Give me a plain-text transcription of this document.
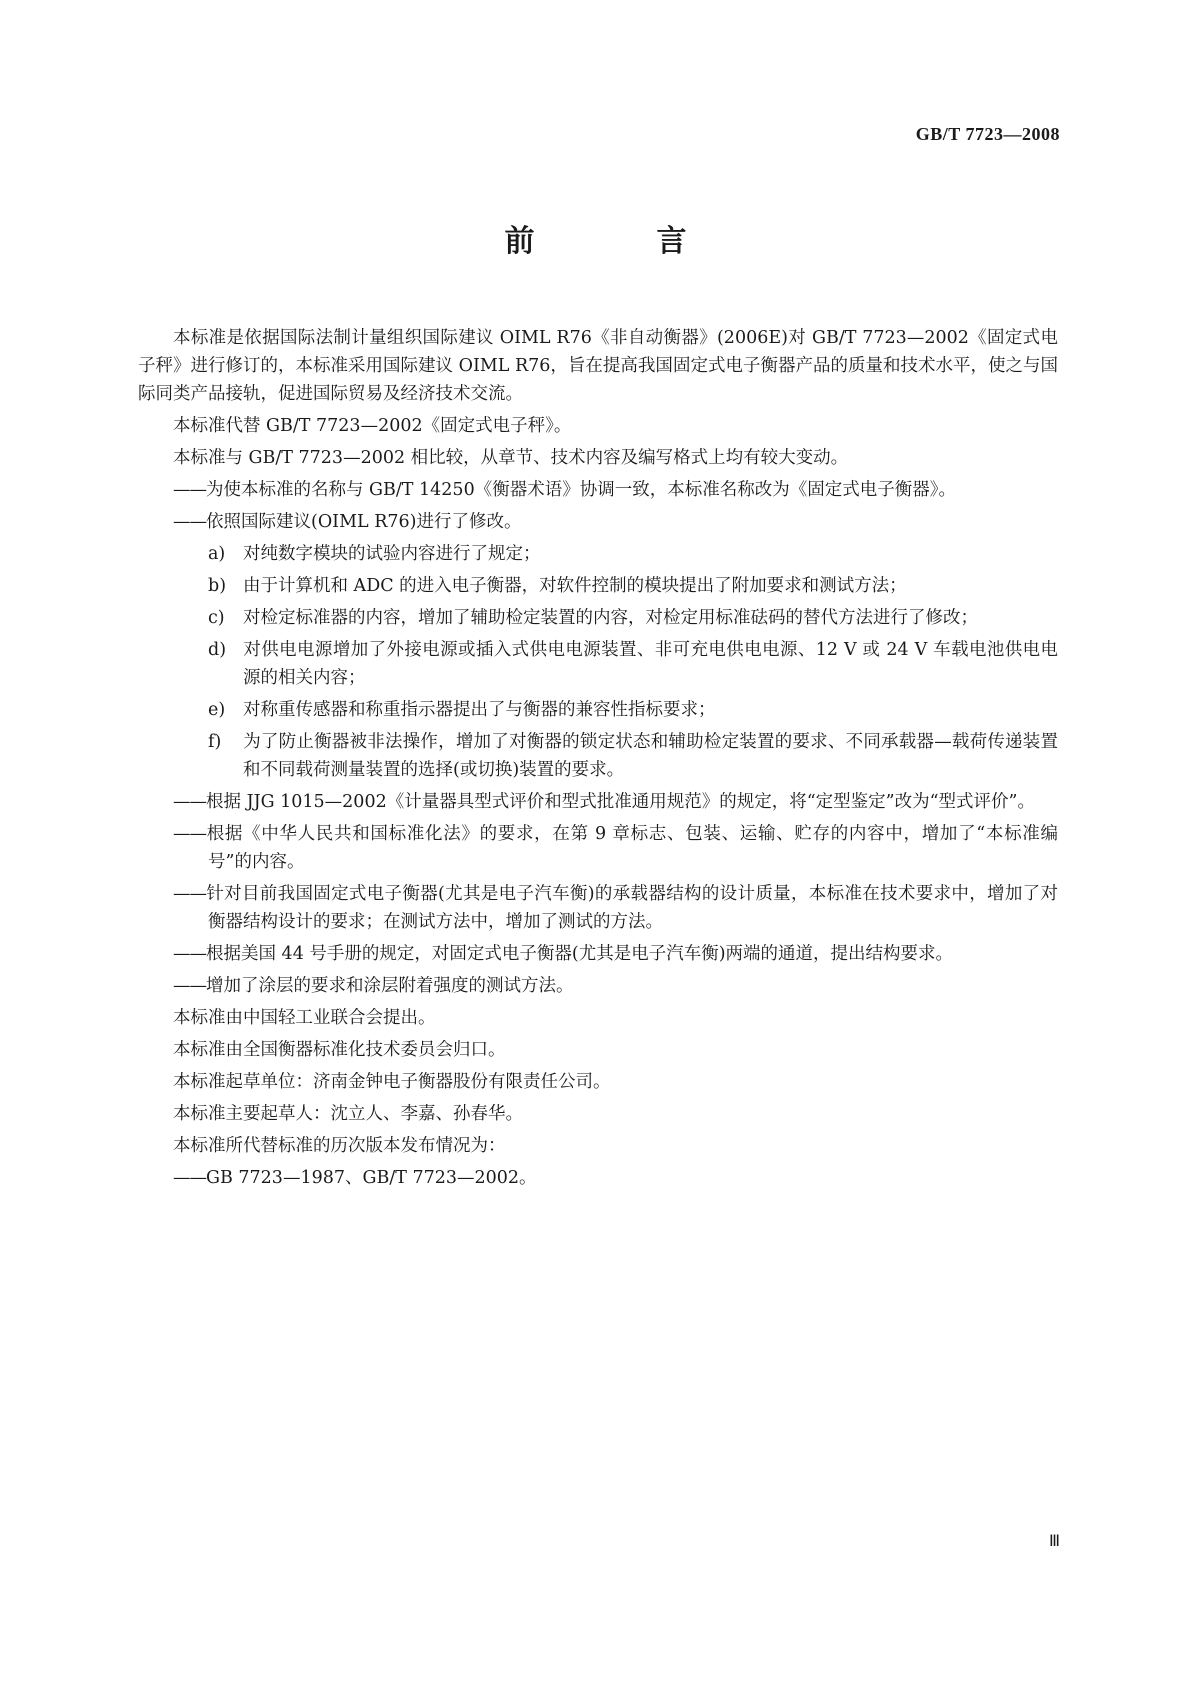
GB/T 7723—2008
前　言

本标准是依据国际法制计量组织国际建议 OIML R76《非自动衡器》(2006E)对 GB/T 7723—2002《固定式电子秤》进行修订的，本标准采用国际建议 OIML R76，旨在提高我国固定式电子衡器产品的质量和技术水平，使之与国际同类产品接轨，促进国际贸易及经济技术交流。

本标准代替 GB/T 7723—2002《固定式电子秤》。

本标准与 GB/T 7723—2002 相比较，从章节、技术内容及编写格式上均有较大变动。

——为使本标准的名称与 GB/T 14250《衡器术语》协调一致，本标准名称改为《固定式电子衡器》。

——依照国际建议(OIML R76)进行了修改。

a) 对纯数字模块的试验内容进行了规定；

b) 由于计算机和 ADC 的进入电子衡器，对软件控制的模块提出了附加要求和测试方法；

c) 对检定标准器的内容，增加了辅助检定装置的内容，对检定用标准砝码的替代方法进行了修改；

d) 对供电电源增加了外接电源或插入式供电电源装置、非可充电供电电源、12 V 或 24 V 车载电池供电电源的相关内容；

e) 对称重传感器和称重指示器提出了与衡器的兼容性指标要求；

f) 为了防止衡器被非法操作，增加了对衡器的锁定状态和辅助检定装置的要求、不同承载器—载荷传递装置和不同载荷测量装置的选择(或切换)装置的要求。

——根据 JJG 1015—2002《计量器具型式评价和型式批准通用规范》的规定，将“定型鉴定”改为“型式评价”。

——根据《中华人民共和国标准化法》的要求，在第 9 章标志、包装、运输、贮存的内容中，增加了“本标准编号”的内容。

——针对目前我国固定式电子衡器(尤其是电子汽车衡)的承载器结构的设计质量，本标准在技术要求中，增加了对衡器结构设计的要求；在测试方法中，增加了测试的方法。

——根据美国 44 号手册的规定，对固定式电子衡器(尤其是电子汽车衡)两端的通道，提出结构要求。

——增加了涂层的要求和涂层附着强度的测试方法。

本标准由中国轻工业联合会提出。

本标准由全国衡器标准化技术委员会归口。

本标准起草单位：济南金钟电子衡器股份有限责任公司。

本标准主要起草人：沈立人、李嘉、孙春华。

本标准所代替标准的历次版本发布情况为：

——GB 7723—1987、GB/T 7723—2002。

Ⅲ
